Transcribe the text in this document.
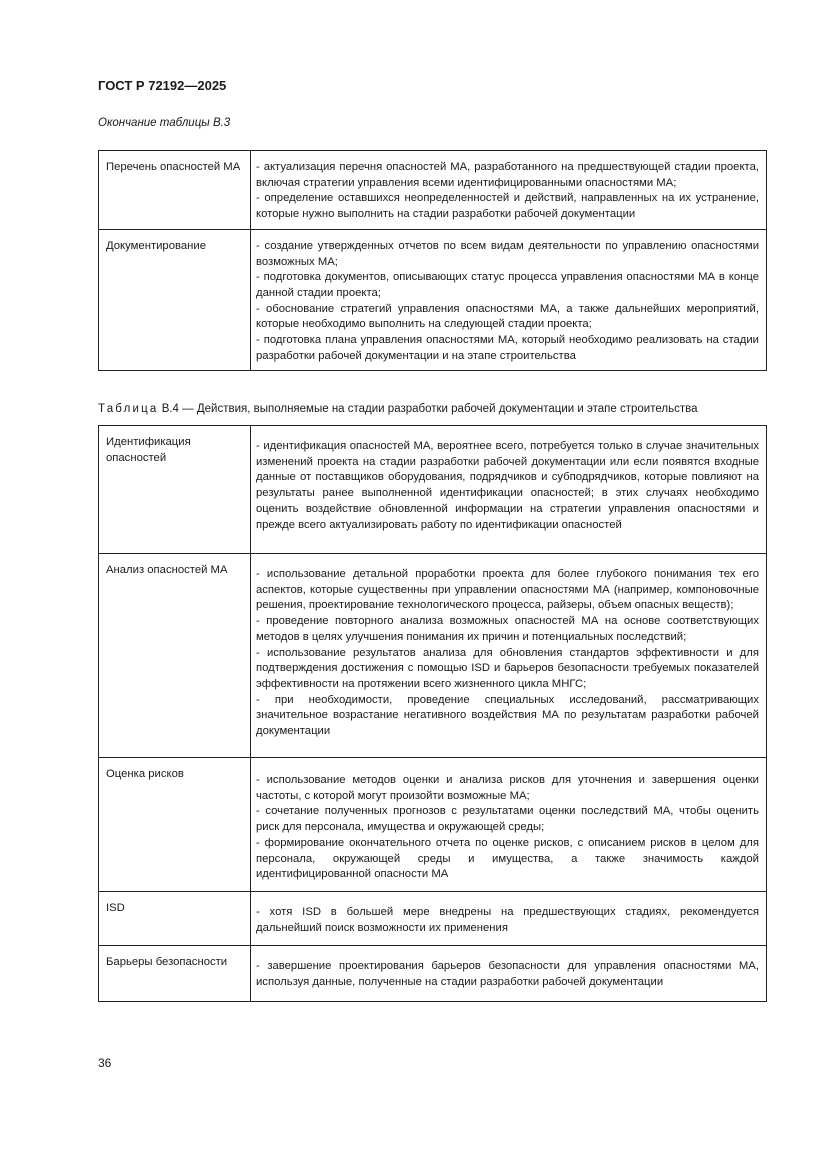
ГОСТ Р 72192—2025
Окончание таблицы В.3
Перечень опасностей МА	- актуализация перечня опасностей МА, разработанного на предшествующей стадии проекта, включая стратегии управления всеми идентифицированными опасностями МА;

- определение оставшихся неопределенностей и действий, направленных на их устранение, которые нужно выполнить на стадии разработки рабочей документации

Документирование	- создание утвержденных отчетов по всем видам деятельности по управлению опасностями возможных МА;

- подготовка документов, описывающих статус процесса управления опасностями МА в конце данной стадии проекта;

- обоснование стратегий управления опасностями МА, а также дальнейших мероприятий, которые необходимо выполнить на следующей стадии проекта;

- подготовка плана управления опасностями МА, который необходимо реализовать на стадии разработки рабочей документации и на этапе строительства

Таблица В.4 — Действия, выполняемые на стадии разработки рабочей документации и этапе строительства
Идентификация опасностей	- идентификация опасностей МА, вероятнее всего, потребуется только в случае значительных изменений проекта на стадии разработки рабочей документации или если появятся входные данные от поставщиков оборудования, подрядчиков и субподрядчиков, которые повлияют на результаты ранее выполненной идентификации опасностей; в этих случаях необходимо оценить воздействие обновленной информации на стратегии управления опасностями и прежде всего актуализировать работу по идентификации опасностей

Анализ опасностей МА	- использование детальной проработки проекта для более глубокого понимания тех его аспектов, которые существенны при управлении опасностями МА (например, компоновочные решения, проектирование технологического процесса, райзеры, объем опасных веществ);

- проведение повторного анализа возможных опасностей МА на основе соответствующих методов в целях улучшения понимания их причин и потенциальных последствий;

- использование результатов анализа для обновления стандартов эффективности и для подтверждения достижения с помощью ISD и барьеров безопасности требуемых показателей эффективности на протяжении всего жизненного цикла МНГС;

- при необходимости, проведение специальных исследований, рассматривающих значительное возрастание негативного воздействия МА по результатам разработки рабочей документации

Оценка рисков	- использование методов оценки и анализа рисков для уточнения и завершения оценки частоты, с которой могут произойти возможные МА;

- сочетание полученных прогнозов с результатами оценки последствий МА, чтобы оценить риск для персонала, имущества и окружающей среды;

- формирование окончательного отчета по оценке рисков, с описанием рисков в целом для персонала, окружающей среды и имущества, а также значимость каждой идентифицированной опасности МА

ISD	- хотя ISD в большей мере внедрены на предшествующих стадиях, рекомендуется дальнейший поиск возможности их применения

Барьеры безопасности	- завершение проектирования барьеров безопасности для управления опасностями МА, используя данные, полученные на стадии разработки рабочей документации

36
